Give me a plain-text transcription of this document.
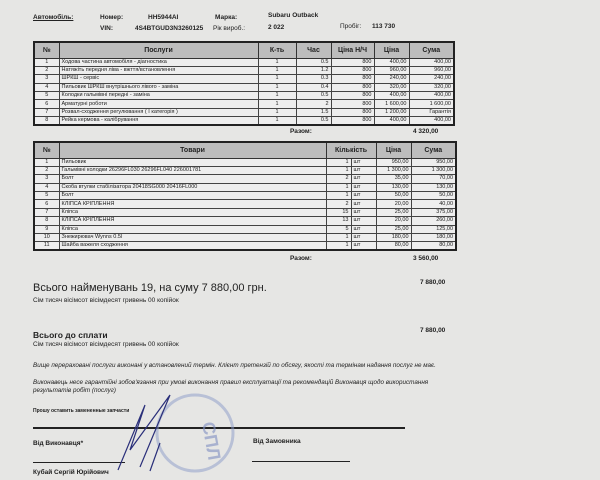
Автомобіль:	Номер:	HH5944AI	Марка:	Subaru Outback
VIN:	4S4BTGUD3N3260125 Рік вироб.:	2 022	Пробіг: 113 730
№	Послуги	К-ть	Час	Ціна Н/Ч	Ціна	Сума
1	Ходова частина автомобіля - діагностика	1	0.5	800	400,00	400,00
2	Натяжіть передня ліва - вжття/встановлення	1	1.2	800	960,00	960,00
3	ШРКШ - сервіс	1	0.3	800	240,00	240,00
4	Пильовик ШРКШ внутрішнього лівого - заміна	1	0.4	800	320,00	320,00
5	Колодки гальмівні передні - заміна	1	0.5	800	400,00	400,00
6	Арматурні роботи	1	2	800	1 600,00	1 600,00
7	Розвал-сходження регулювання ( І категорія )	1	1.5	800	1 200,00	Гарантія
8	Рейка кермова - калібрування	1	0.5	800	400,00	400,00
Разом:	4 320,00
№	Товари	Кількість		Ціна	Сума
1	Пильовик	1	шт	950,00	950,00
2	Гальмівні колодки 26296FL030 26296FL040 226001781	1	шт	1 300,00	1 300,00
3	Болт	2	шт	35,00	70,00
4	Скоба втулки стабілізатора 20418SG000 20416FL000	1	шт	130,00	130,00
5	Болт	1	шт	50,00	50,00
6	КЛІПСА КРІПЛЕННЯ	2	шт	20,00	40,00
7	Кліпса	15	шт	25,00	375,00
8	КЛІПСА КРІПЛЕННЯ	13	шт	20,00	260,00
9	Кліпса	5	шт	25,00	125,00
10	Знежирювач Wynns 0.5l	1	шт	180,00	180,00
11	Шайба важеля сходження	1	шт	80,00	80,00
Разом:	3 560,00
Всього найменувань 19, на суму 7 880,00 грн.
Сім тисяч вісімсот вісімдесят гривень 00 копійок
7 880,00
Всього до сплати
Сім тисяч вісімсот вісімдесят гривень 00 копійок
7 880,00
Вище перераховані послуги виконані у встановлений термін. Клієнт претензій по обсягу, якості та термінам надання послуг не має.
Виконавець несе гарантійні зобов'язання при умові виконання правил експлуатації та рекомендацій Виконавця щодо використання результатів робіт (послуг)
Прошу оставить замененные запчасти
Від Виконавця*	Від Замовника
Кубай Сергій Юрійович
СПЛ
